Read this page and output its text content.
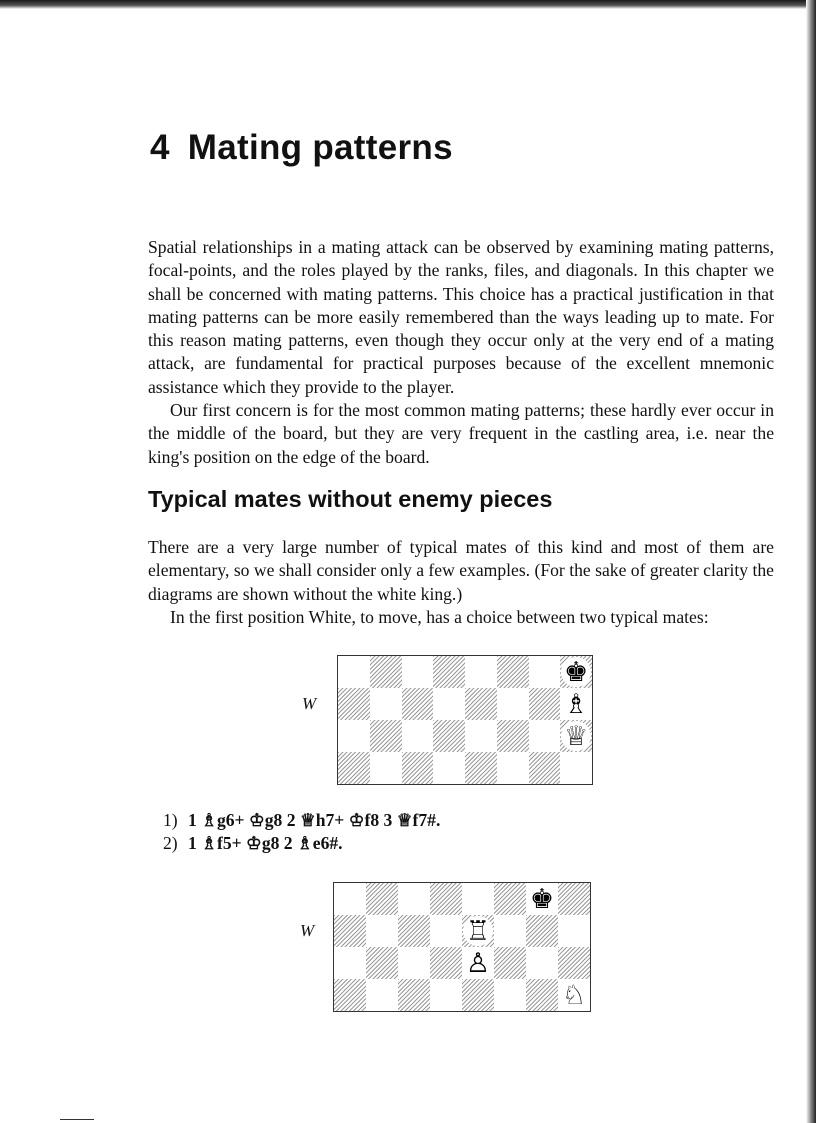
4 Mating patterns

Spatial relationships in a mating attack can be observed by examining mating patterns, focal-points, and the roles played by the ranks, files, and diagonals. In this chapter we shall be concerned with mating patterns. This choice has a practical justification in that mating patterns can be more easily remembered than the ways leading up to mate. For this reason mating patterns, even though they occur only at the very end of a mating attack, are fundamental for practical purposes because of the excellent mnemonic assistance which they provide to the player.

Our first concern is for the most common mating patterns; these hardly ever occur in the middle of the board, but they are very frequent in the castling area, i.e. near the king's position on the edge of the board.

Typical mates without enemy pieces

There are a very large number of typical mates of this kind and most of them are elementary, so we shall consider only a few examples. (For the sake of greater clarity the diagrams are shown without the white king.)

In the first position White, to move, has a choice between two typical mates:

W
♚
♗
♕
1) 1 ♗g6+ ♔g8 2 ♕h7+ ♔f8 3 ♕f7#.
2) 1 ♗f5+ ♔g8 2 ♗e6#.
W
♚
♖
♙
♘
